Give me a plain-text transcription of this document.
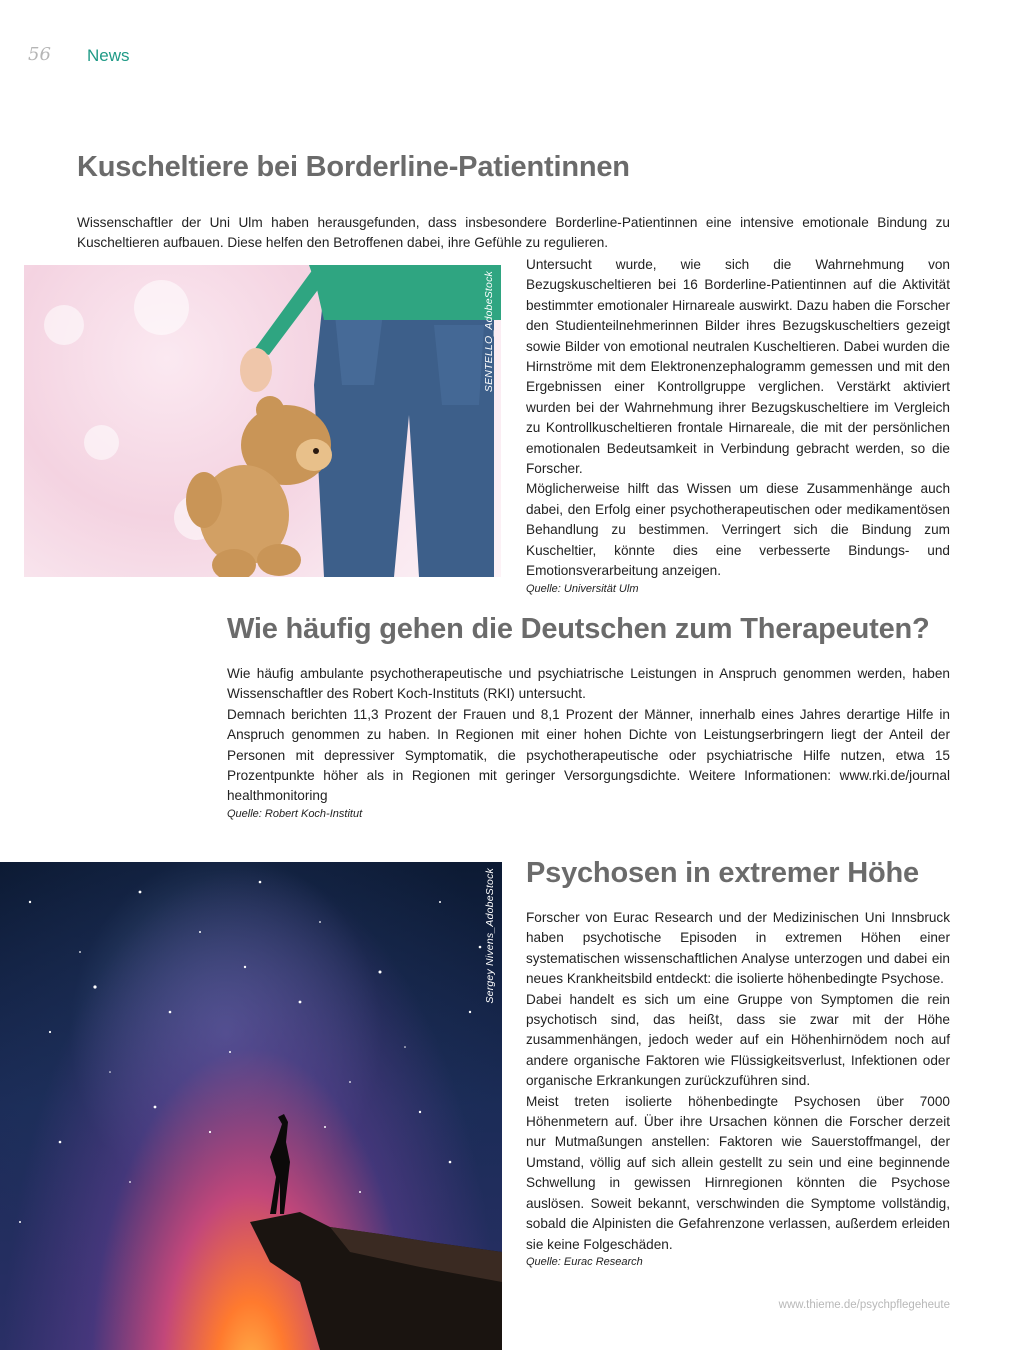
56 News
Kuscheltiere bei Borderline-Patientinnen

Wissenschaftler der Uni Ulm haben herausgefunden, dass insbesondere Borderline-Patientinnen eine intensive emotionale Bindung zu Kuscheltieren aufbauen. Diese helfen den Betroffenen dabei, ihre Gefühle zu regulieren.

SENTELLO_AdobeStock

Untersucht wurde, wie sich die Wahrnehmung von Bezugskuscheltieren bei 16 Borderline-Patientinnen auf die Aktivität bestimmter emotionaler Hirnareale auswirkt. Dazu haben die Forscher den Studienteilnehmerinnen Bilder ihres Bezugskuscheltiers gezeigt sowie Bilder von emotional neutralen Kuscheltieren. Dabei wurden die Hirnströme mit dem Elektronenzephalogramm gemessen und mit den Ergebnissen einer Kontrollgruppe verglichen. Verstärkt aktiviert wurden bei der Wahrnehmung ihrer Bezugskuscheltiere im Vergleich zu Kontrollkuscheltieren frontale Hirnareale, die mit der persönlichen emotionalen Bedeutsamkeit in Verbindung gebracht werden, so die Forscher.

Möglicherweise hilft das Wissen um diese Zusammenhänge auch dabei, den Erfolg einer psychotherapeutischen oder medikamentösen Behandlung zu bestimmen. Verringert sich die Bindung zum Kuscheltier, könnte dies eine verbesserte Bindungs- und Emotionsverarbeitung anzeigen.

Quelle: Universität Ulm

Wie häufig gehen die Deutschen zum Therapeuten?

Wie häufig ambulante psychotherapeutische und psychiatrische Leistungen in Anspruch genommen werden, haben Wissenschaftler des Robert Koch-Instituts (RKI) untersucht.

Demnach berichten 11,3 Prozent der Frauen und 8,1 Prozent der Männer, innerhalb eines Jahres derartige Hilfe in Anspruch genommen zu haben. In Regionen mit einer hohen Dichte von Leistungserbringern liegt der Anteil der Personen mit depressiver Symptomatik, die psychotherapeutische oder psychiatrische Hilfe nutzen, etwa 15 Prozentpunkte höher als in Regionen mit geringer Versorgungsdichte. Weitere Informationen: www.rki.de/journal healthmonitoring

Quelle: Robert Koch-Institut

Sergey Nivens_AdobeStock Psychosen in extremer Höhe

Forscher von Eurac Research und der Medizinischen Uni Innsbruck haben psychotische Episoden in extremen Höhen einer systematischen wissenschaftlichen Analyse unterzogen und dabei ein neues Krankheitsbild entdeckt: die isolierte höhenbedingte Psychose.

Dabei handelt es sich um eine Gruppe von Symptomen die rein psychotisch sind, das heißt, dass sie zwar mit der Höhe zusammenhängen, jedoch weder auf ein Höhenhirnödem noch auf andere organische Faktoren wie Flüssigkeitsverlust, Infektionen oder organische Erkrankungen zurückzuführen sind.

Meist treten isolierte höhenbedingte Psychosen über 7000 Höhenmetern auf. Über ihre Ursachen können die Forscher derzeit nur Mutmaßungen anstellen: Faktoren wie Sauerstoffmangel, der Umstand, völlig auf sich allein gestellt zu sein und eine beginnende Schwellung in gewissen Hirnregionen könnten die Psychose auslösen. Soweit bekannt, verschwinden die Symptome vollständig, sobald die Alpinisten die Gefahrenzone verlassen, außerdem erleiden sie keine Folgeschäden.

Quelle: Eurac Research

www.thieme.de/psychpflegeheute
